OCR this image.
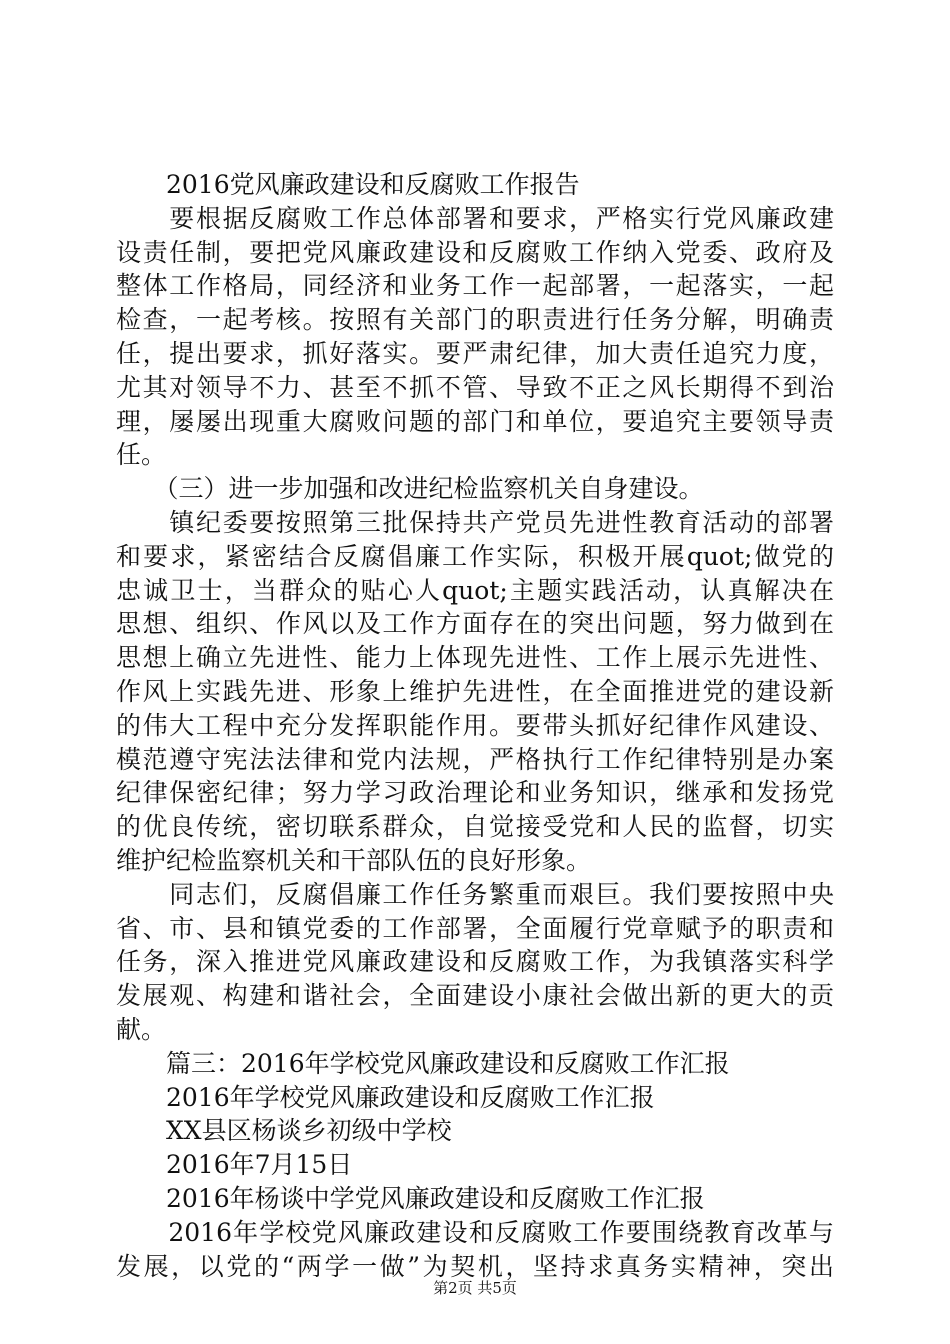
　　2016党风廉政建设和反腐败工作报告
　　要根据反腐败工作总体部署和要求，严格实行党风廉政建
设责任制，要把党风廉政建设和反腐败工作纳入党委、政府及
整体工作格局，同经济和业务工作一起部署，一起落实，一起
检查，一起考核。按照有关部门的职责进行任务分解，明确责
任，提出要求，抓好落实。要严肃纪律，加大责任追究力度，
尤其对领导不力、甚至不抓不管、导致不正之风长期得不到治
理，屡屡出现重大腐败问题的部门和单位，要追究主要领导责
任。
　　（三）进一步加强和改进纪检监察机关自身建设。
　　镇纪委要按照第三批保持共产党员先进性教育活动的部署
和要求，紧密结合反腐倡廉工作实际，积极开展quot;做党的
忠诚卫士，当群众的贴心人quot;主题实践活动，认真解决在
思想、组织、作风以及工作方面存在的突出问题，努力做到在
思想上确立先进性、能力上体现先进性、工作上展示先进性、
作风上实践先进、形象上维护先进性，在全面推进党的建设新
的伟大工程中充分发挥职能作用。要带头抓好纪律作风建设、
模范遵守宪法法律和党内法规，严格执行工作纪律特别是办案
纪律保密纪律；努力学习政治理论和业务知识，继承和发扬党
的优良传统，密切联系群众，自觉接受党和人民的监督，切实
维护纪检监察机关和干部队伍的良好形象。
　　同志们，反腐倡廉工作任务繁重而艰巨。我们要按照中央
省、市、县和镇党委的工作部署，全面履行党章赋予的职责和
任务，深入推进党风廉政建设和反腐败工作，为我镇落实科学
发展观、构建和谐社会，全面建设小康社会做出新的更大的贡
献。
　　篇三：2016年学校党风廉政建设和反腐败工作汇报
　　2016年学校党风廉政建设和反腐败工作汇报
　　XX县区杨谈乡初级中学校
　　2016年7月15日
　　2016年杨谈中学党风廉政建设和反腐败工作汇报
　　2016年学校党风廉政建设和反腐败工作要围绕教育改革与
发展，以党的“两学一做”为契机，坚持求真务实精神，突出
第2页 共5页
